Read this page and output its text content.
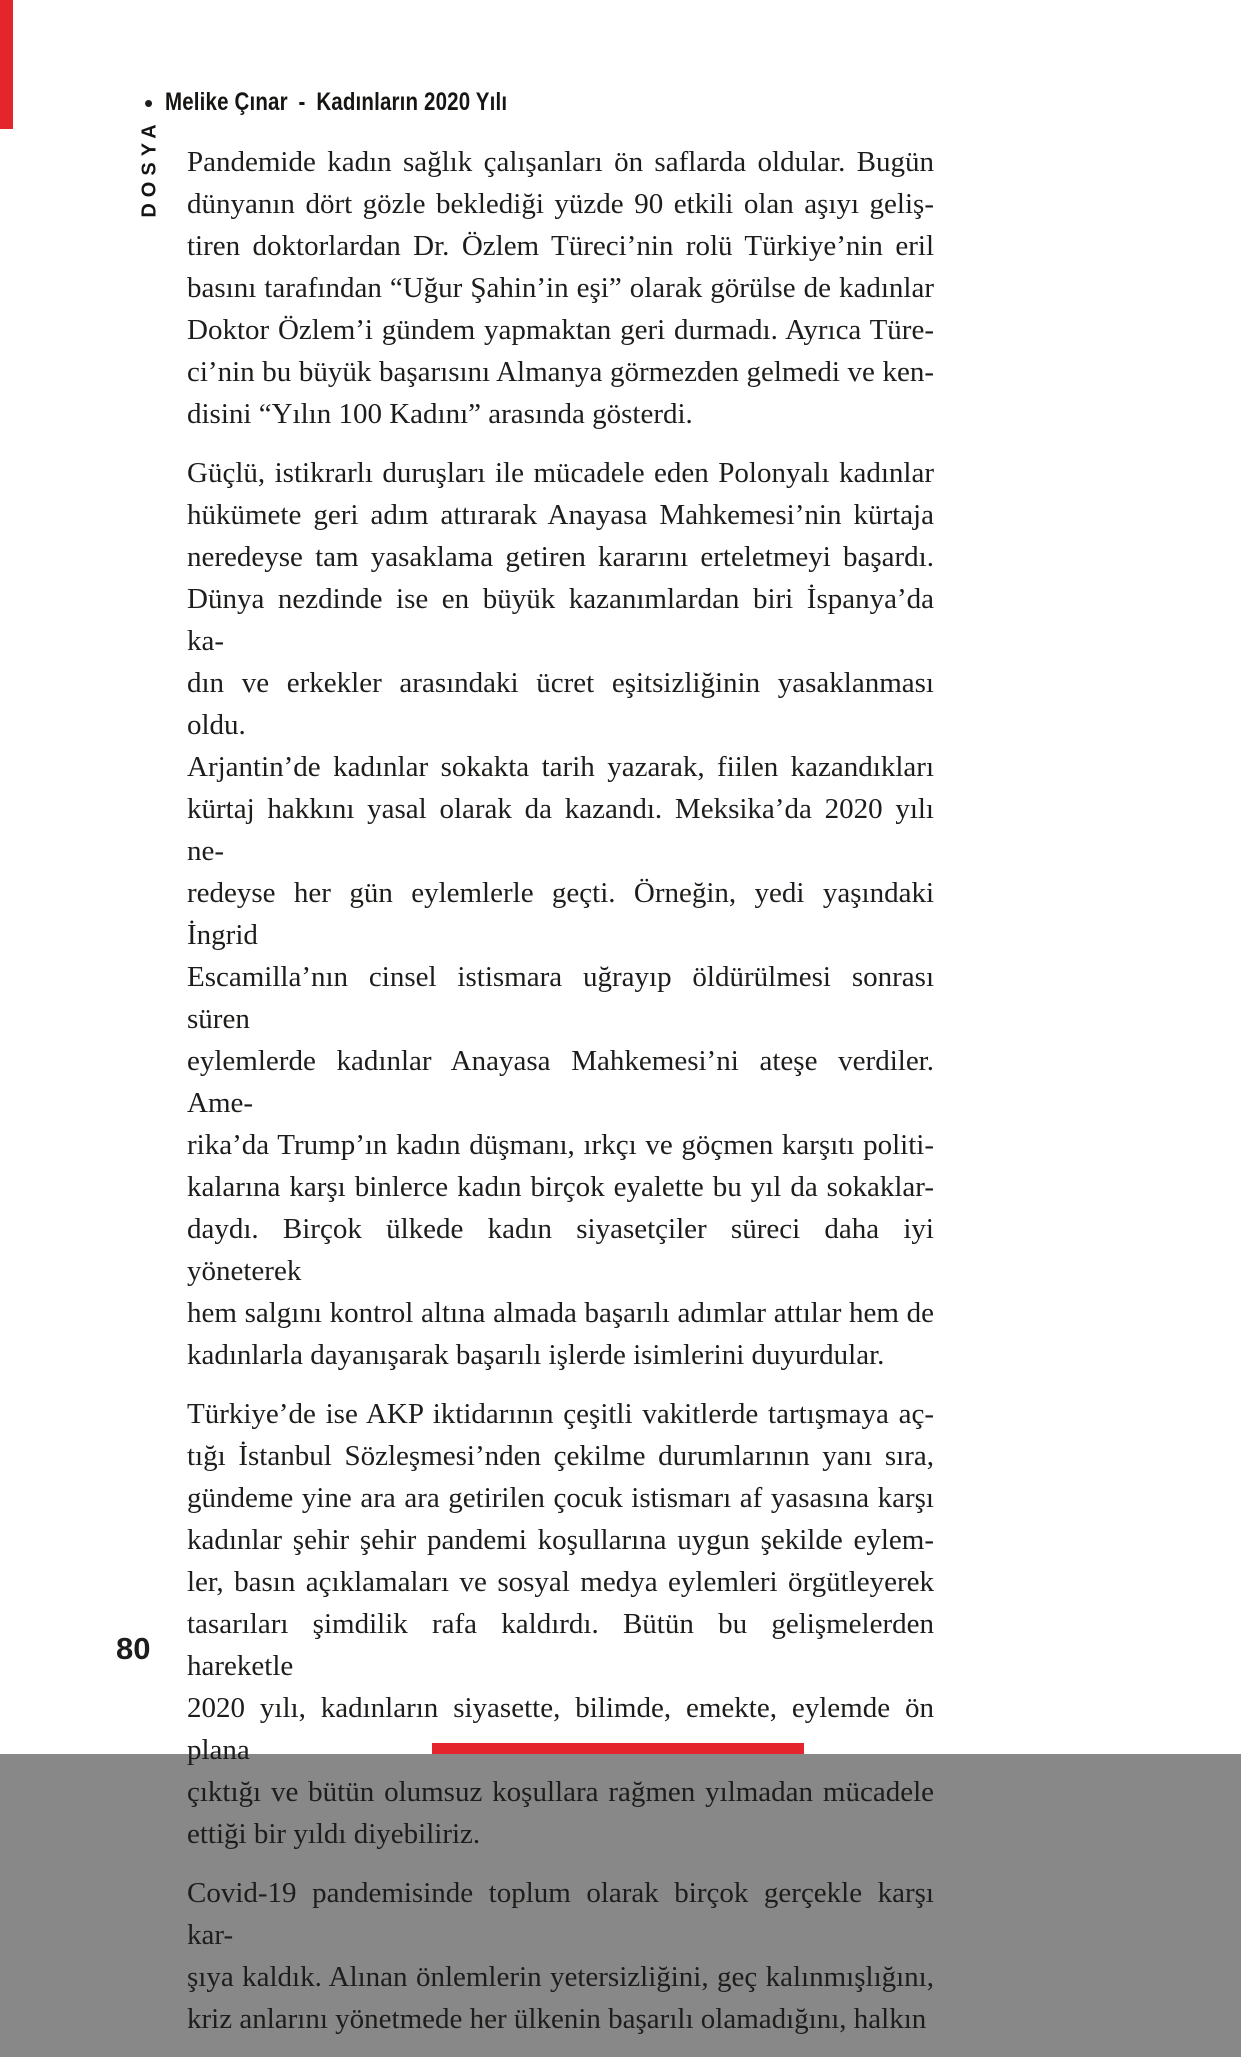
• Melike Çınar - Kadınların 2020 Yılı
DOSYA Pandemide kadın sağlık çalışanları ön saflarda oldular. Bugün
dünyanın dört gözle beklediği yüzde 90 etkili olan aşıyı geliş-
tiren doktorlardan Dr. Özlem Türeci’nin rolü Türkiye’nin eril
basını tarafından “Uğur Şahin’in eşi” olarak görülse de kadınlar
Doktor Özlem’i gündem yapmaktan geri durmadı. Ayrıca Türe-
ci’nin bu büyük başarısını Almanya görmezden gelmedi ve ken-
disini “Yılın 100 Kadını” arasında gösterdi.
Güçlü, istikrarlı duruşları ile mücadele eden Polonyalı kadınlar
hükümete geri adım attırarak Anayasa Mahkemesi’nin kürtaja
neredeyse tam yasaklama getiren kararını erteletmeyi başardı.
Dünya nezdinde ise en büyük kazanımlardan biri İspanya’da ka-
dın ve erkekler arasındaki ücret eşitsizliğinin yasaklanması oldu.
Arjantin’de kadınlar sokakta tarih yazarak, fiilen kazandıkları
kürtaj hakkını yasal olarak da kazandı. Meksika’da 2020 yılı ne-
redeyse her gün eylemlerle geçti. Örneğin, yedi yaşındaki İngrid
Escamilla’nın cinsel istismara uğrayıp öldürülmesi sonrası süren
eylemlerde kadınlar Anayasa Mahkemesi’ni ateşe verdiler. Ame-
rika’da Trump’ın kadın düşmanı, ırkçı ve göçmen karşıtı politi-
kalarına karşı binlerce kadın birçok eyalette bu yıl da sokaklar-
daydı. Birçok ülkede kadın siyasetçiler süreci daha iyi yöneterek
hem salgını kontrol altına almada başarılı adımlar attılar hem de
kadınlarla dayanışarak başarılı işlerde isimlerini duyurdular.
Türkiye’de ise AKP iktidarının çeşitli vakitlerde tartışmaya aç-
tığı İstanbul Sözleşmesi’nden çekilme durumlarının yanı sıra,
gündeme yine ara ara getirilen çocuk istismarı af yasasına karşı
kadınlar şehir şehir pandemi koşullarına uygun şekilde eylem-
ler, basın açıklamaları ve sosyal medya eylemleri örgütleyerek
tasarıları şimdilik rafa kaldırdı. Bütün bu gelişmelerden hareketle
2020 yılı, kadınların siyasette, bilimde, emekte, eylemde ön plana
çıktığı ve bütün olumsuz koşullara rağmen yılmadan mücadele
ettiği bir yıldı diyebiliriz.
Covid-19 pandemisinde toplum olarak birçok gerçekle karşı kar-
şıya kaldık. Alınan önlemlerin yetersizliğini, geç kalınmışlığını,
kriz anlarını yönetmede her ülkenin başarılı olamadığını, halkın
80
